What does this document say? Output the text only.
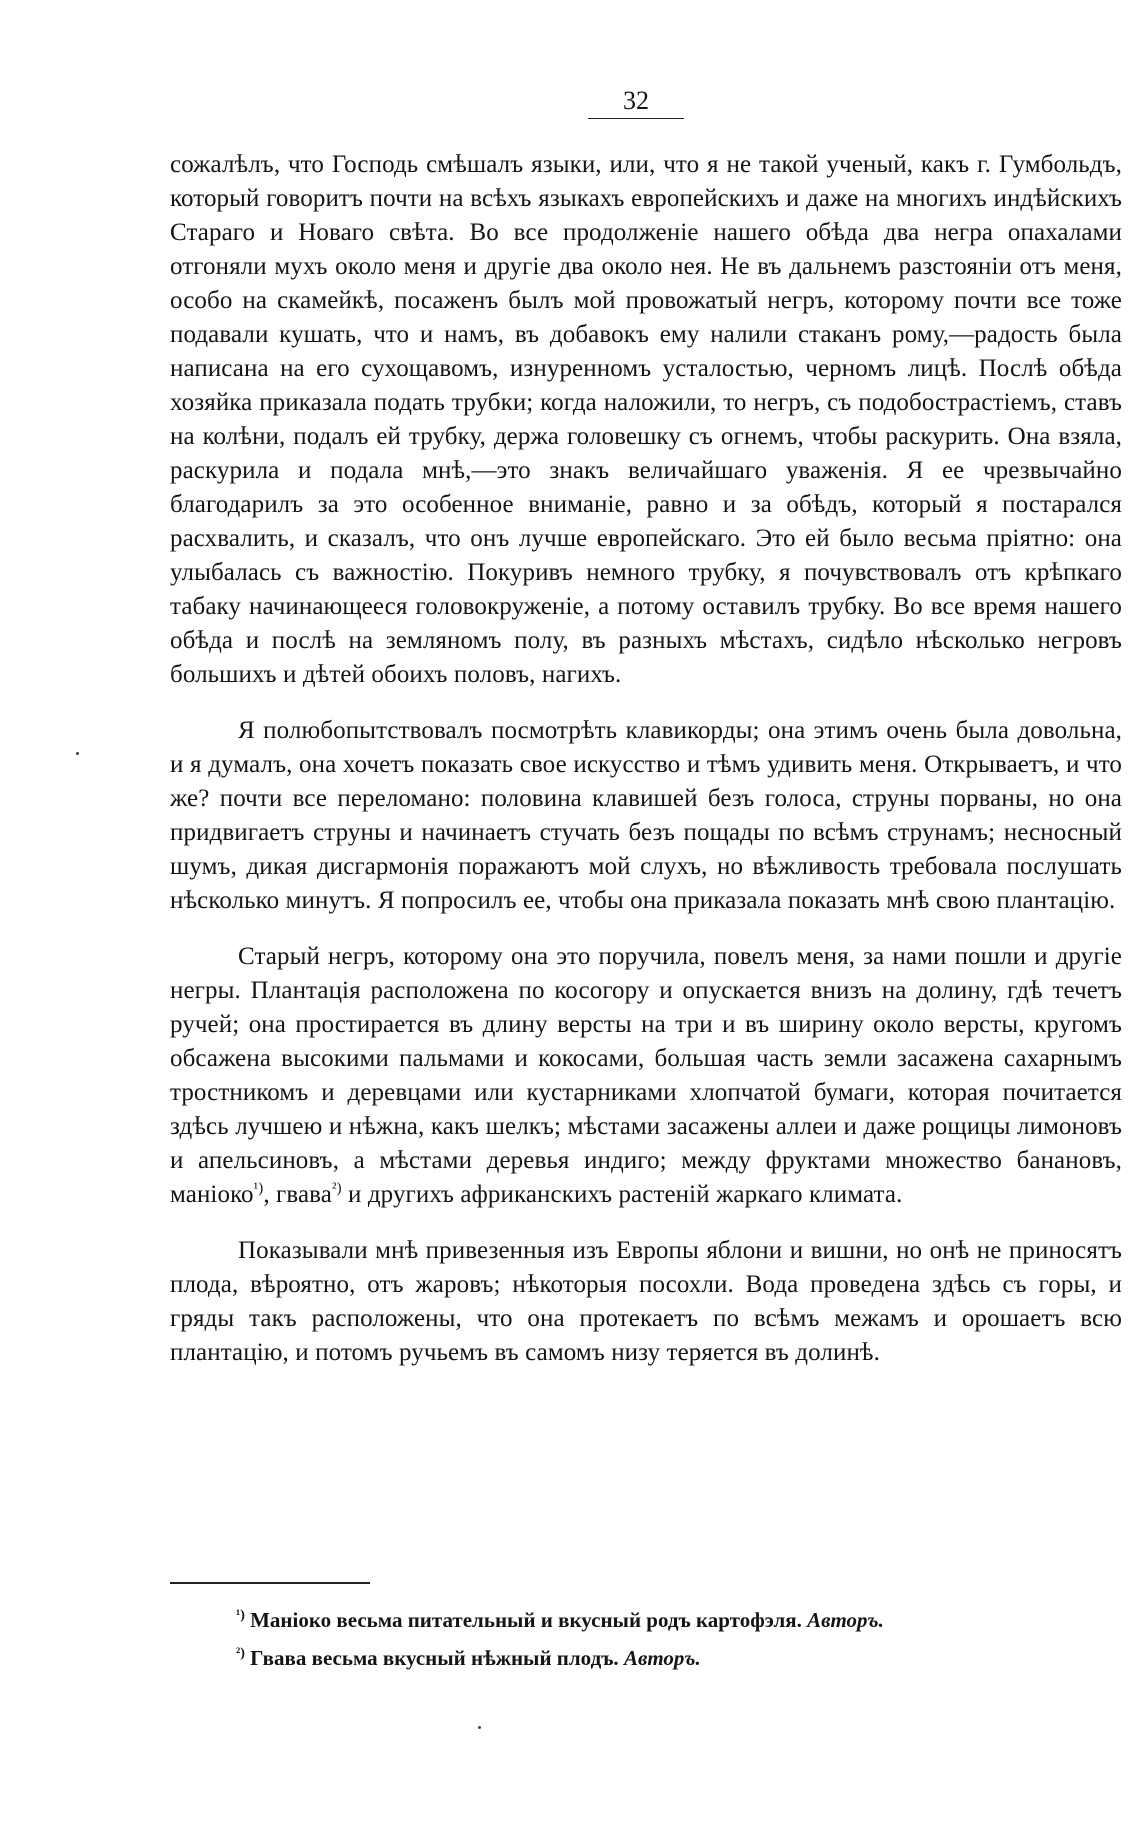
32

сожалѣлъ, что Господь смѣшалъ языки, или, что я не такой ученый, какъ г. Гумбольдъ, который говоритъ почти на всѣхъ языкахъ европейскихъ и даже на многихъ индѣйскихъ Стараго и Новаго свѣта. Во все продолженіе нашего обѣда два негра опахалами отгоняли мухъ около меня и другіе два около нея. Не въ дальнемъ разстояніи отъ меня, особо на скамейкѣ, посаженъ былъ мой провожатый негръ, которому почти все тоже подавали кушать, что и намъ, въ добавокъ ему налили стаканъ рому,—радость была написана на его сухощавомъ, изнуренномъ усталостью, черномъ лицѣ. Послѣ обѣда хозяйка приказала подать трубки; когда наложили, то негръ, съ подобострастіемъ, ставъ на колѣни, подалъ ей трубку, держа головешку съ огнемъ, чтобы раскурить. Она взяла, раскурила и подала мнѣ,—это знакъ величайшаго уваженія. Я ее чрезвычайно благодарилъ за это особенное вниманіе, равно и за обѣдъ, который я постарался расхвалить, и сказалъ, что онъ лучше европейскаго. Это ей было весьма пріятно: она улыбалась съ важностію. Покуривъ немного трубку, я почувствовалъ отъ крѣпкаго табаку начинающееся головокруженіе, а потому оставилъ трубку. Во все время нашего обѣда и послѣ на земляномъ полу, въ разныхъ мѣстахъ, сидѣло нѣсколько негровъ большихъ и дѣтей обоихъ половъ, нагихъ.

Я полюбопытствовалъ посмотрѣть клавикорды; она этимъ очень была довольна, и я думалъ, она хочетъ показать свое искусство и тѣмъ удивить меня. Открываетъ, и что же? почти все переломано: половина клавишей безъ голоса, струны порваны, но она придвигаетъ струны и начинаетъ стучать безъ пощады по всѣмъ струнамъ; несносный шумъ, дикая дисгармонія поражаютъ мой слухъ, но вѣжливость требовала послушать нѣсколько минутъ. Я попросилъ ее, чтобы она приказала показать мнѣ свою плантацію.

Старый негръ, которому она это поручила, повелъ меня, за нами пошли и другіе негры. Плантація расположена по косогору и опускается внизъ на долину, гдѣ течетъ ручей; она простирается въ длину версты на три и въ ширину около версты, кругомъ обсажена высокими пальмами и кокосами, большая часть земли засажена сахарнымъ тростникомъ и деревцами или кустарниками хлопчатой бумаги, которая почитается здѣсь лучшею и нѣжна, какъ шелкъ; мѣстами засажены аллеи и даже рощицы лимоновъ и апельсиновъ, а мѣстами деревья индиго; между фруктами множество банановъ, маніоко$^{^1)}$, гвава$^{^2)}$ и другихъ африканскихъ растеній жаркаго климата.

Показывали мнѣ привезенныя изъ Европы яблони и вишни, но онѣ не приносятъ плода, вѣроятно, отъ жаровъ; нѣкоторыя посохли. Вода проведена здѣсь съ горы, и гряды такъ расположены, что она протекаетъ по всѣмъ межамъ и орошаетъ всю плантацію, и потомъ ручьемъ въ самомъ низу теряется въ долинѣ.

$^{^1)}$ Маніоко весьма питательный и вкусный родъ картофэля. Авторъ.

$^{^2)}$ Гвава весьма вкусный нѣжный плодъ. Авторъ.
